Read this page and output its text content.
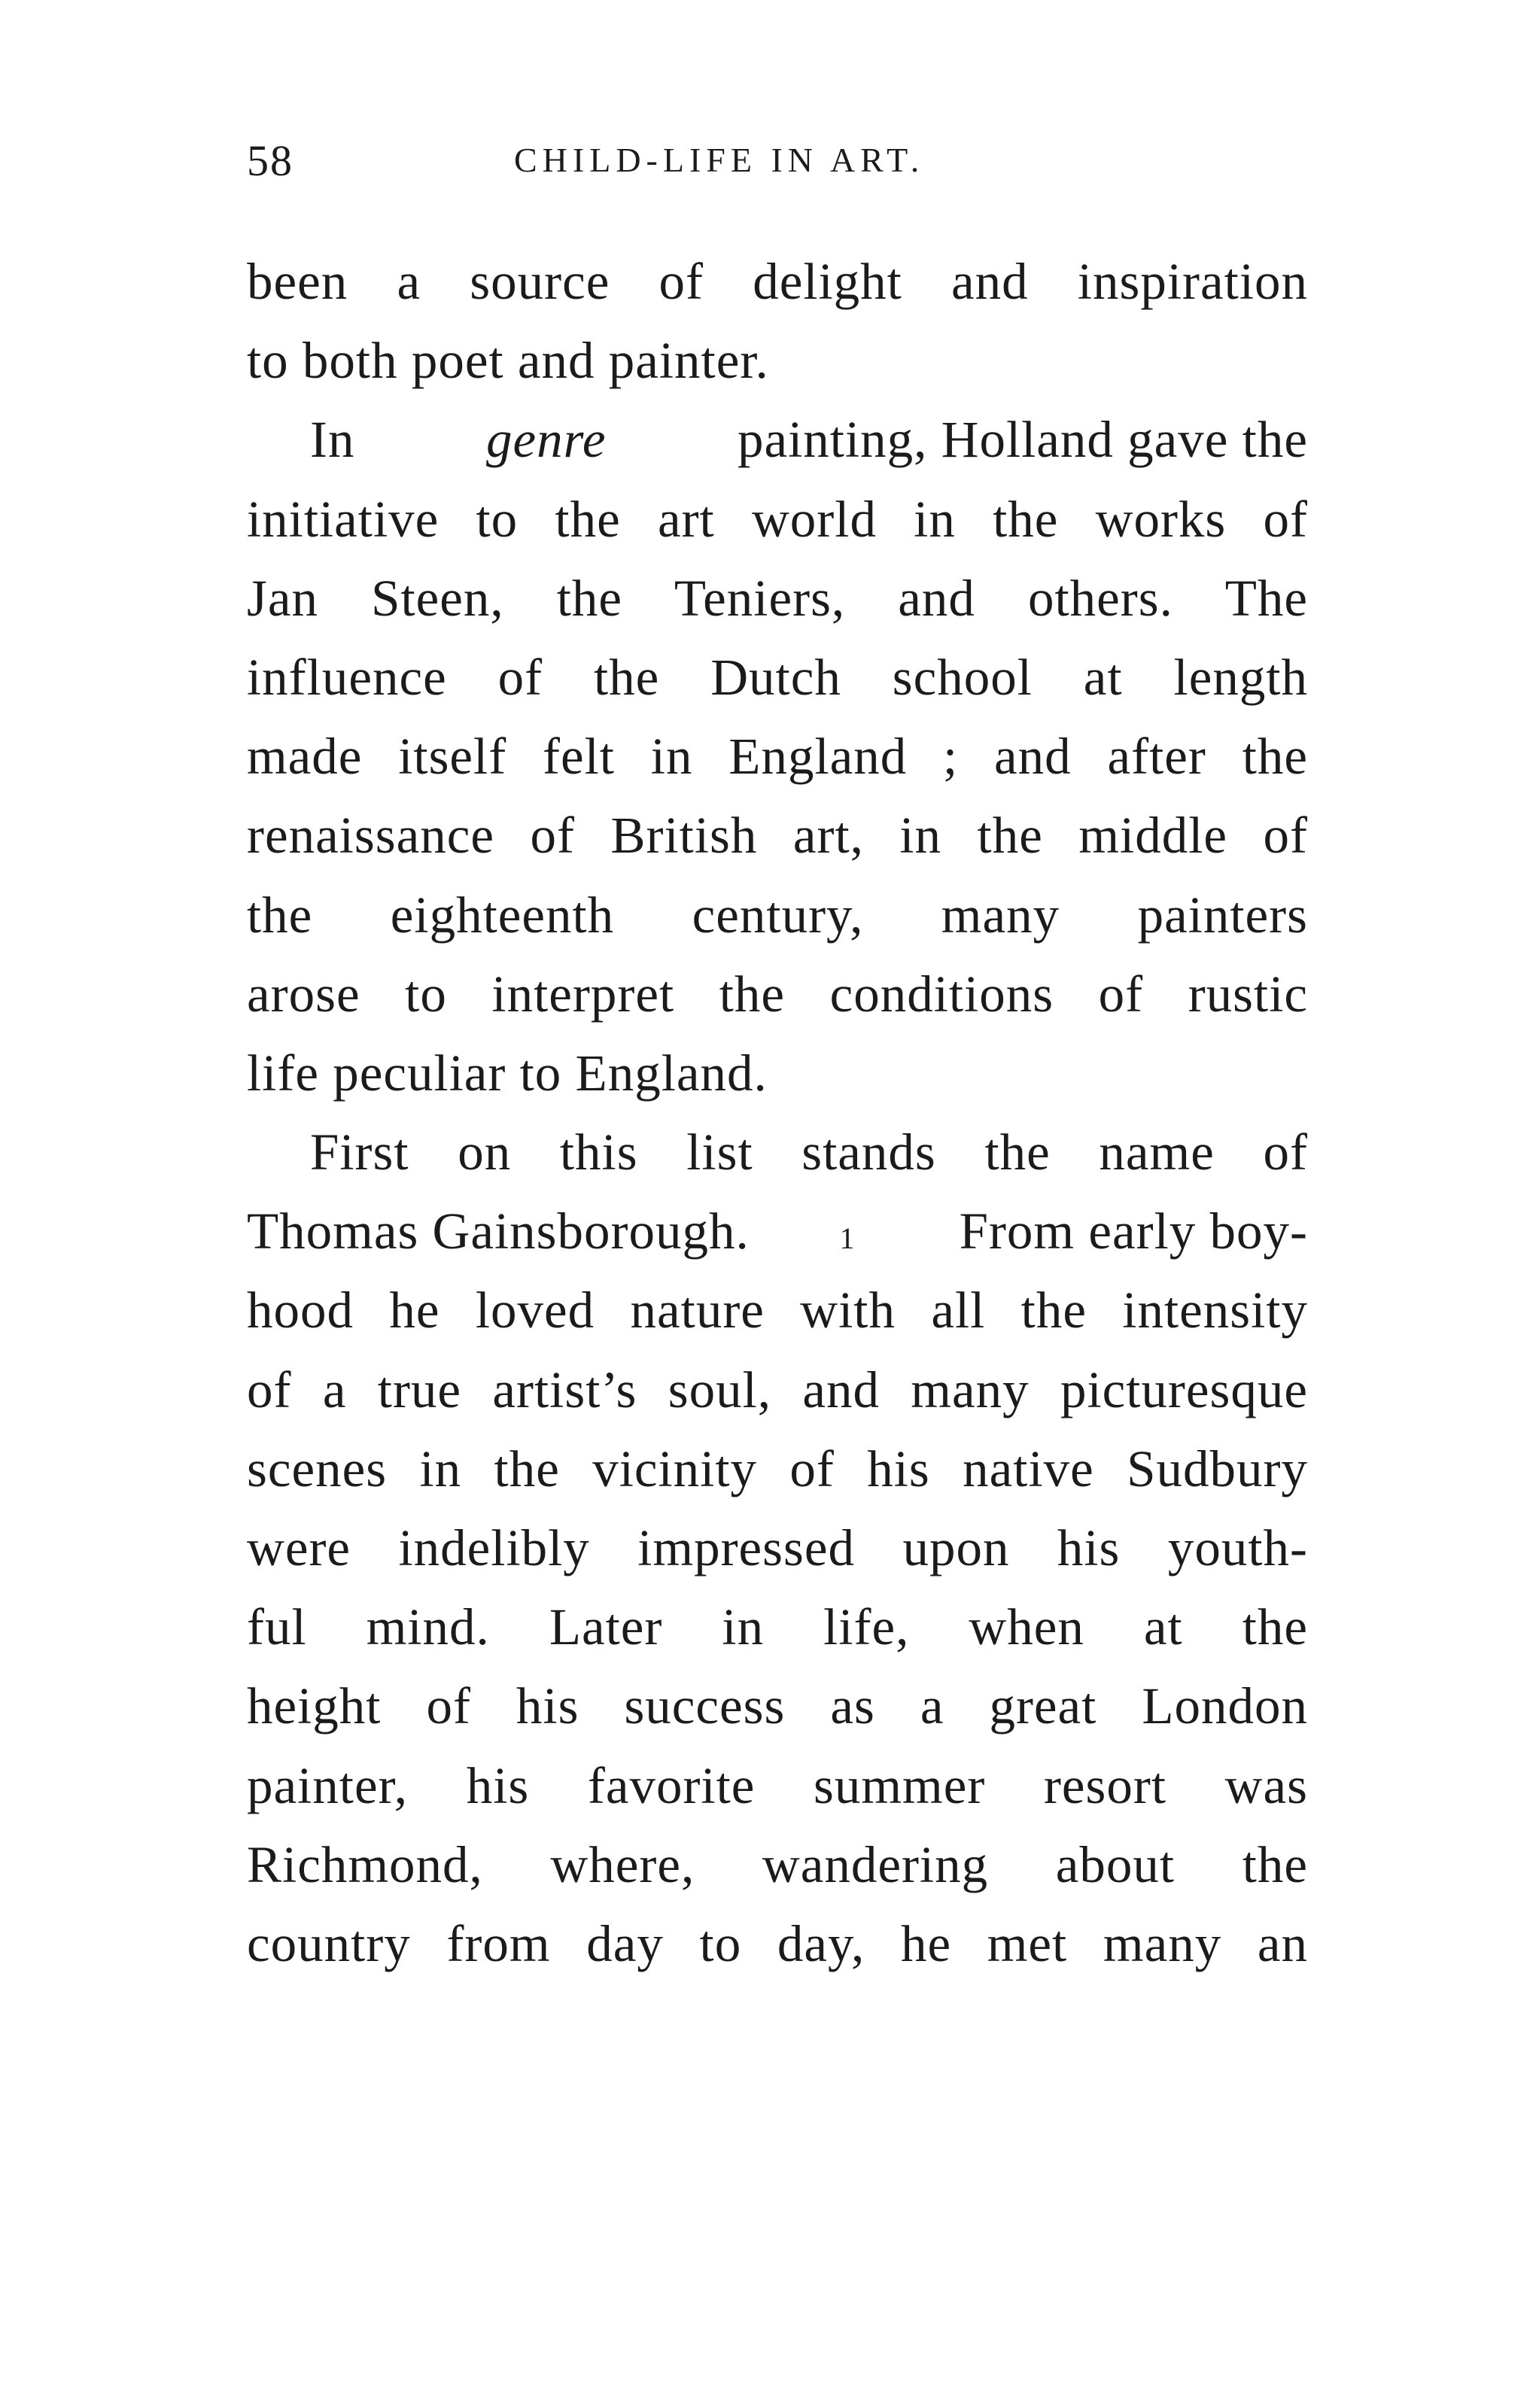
58	CHILD-LIFE IN ART.
been a source of delight and inspiration
to both poet and painter.
In genre painting, Holland gave the
initiative to the art world in the works of
Jan Steen, the Teniers, and others. The
influence of the Dutch school at length
made itself felt in England ; and after the
renaissance of British art, in the middle of
the eighteenth century, many painters
arose to interpret the conditions of rustic
life peculiar to England.
First on this list stands the name of
Thomas Gainsborough.	1 From early boy-
hood he loved nature with all the intensity
of a true artist’s soul, and many picturesque
scenes in the vicinity of his native Sudbury
were indelibly impressed upon his youth-
ful mind. Later in life, when at the
height of his success as a great London
painter, his favorite summer resort was
Richmond, where, wandering about the
country from day to day, he met many an
